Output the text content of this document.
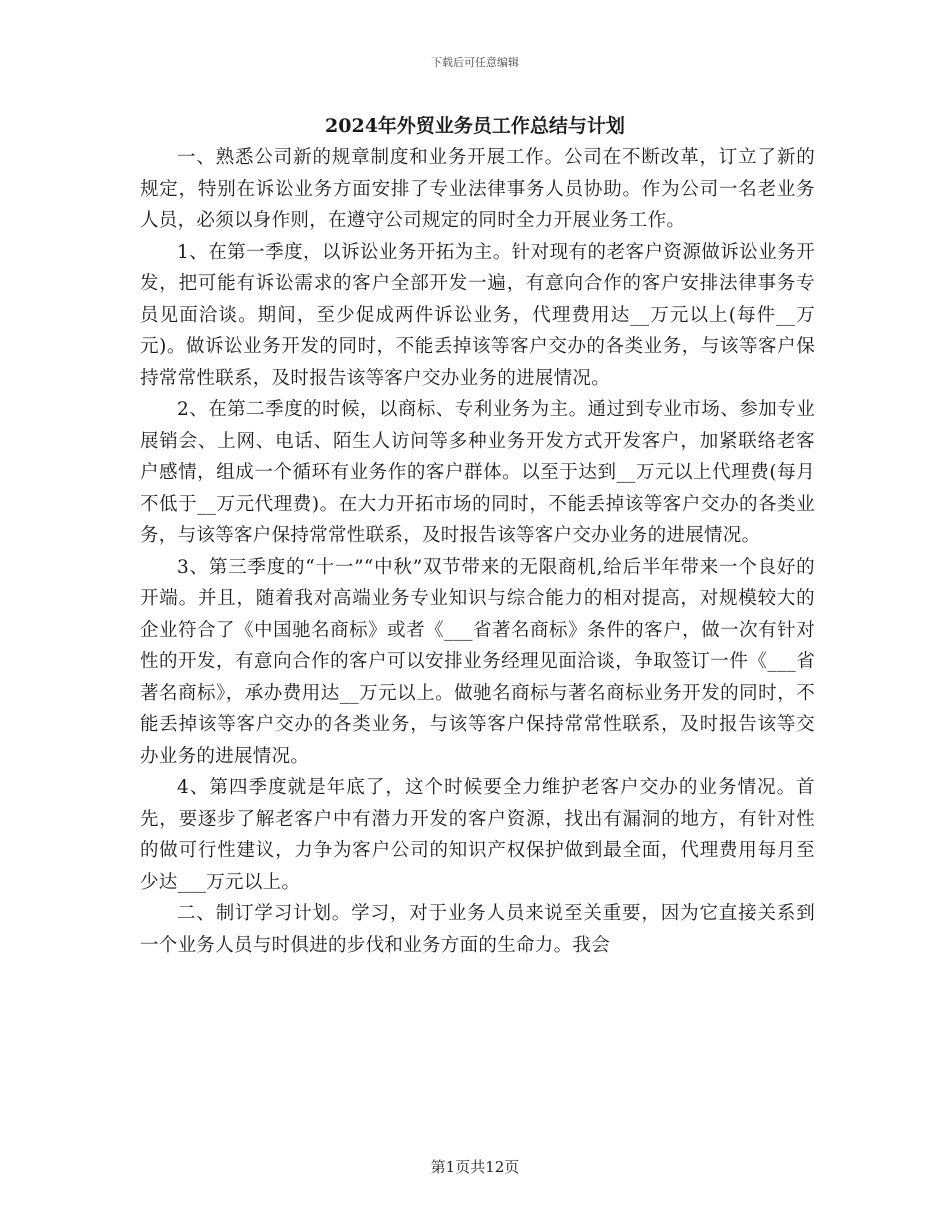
下载后可任意编辑
2024年外贸业务员工作总结与计划

一、熟悉公司新的规章制度和业务开展工作。公司在不断改革，订立了新的规定，特别在诉讼业务方面安排了专业法律事务人员协助。作为公司一名老业务人员，必须以身作则，在遵守公司规定的同时全力开展业务工作。

1、在第一季度，以诉讼业务开拓为主。针对现有的老客户资源做诉讼业务开发，把可能有诉讼需求的客户全部开发一遍，有意向合作的客户安排法律事务专员见面洽谈。期间，至少促成两件诉讼业务，代理费用达__万元以上(每件__万元)。做诉讼业务开发的同时，不能丢掉该等客户交办的各类业务，与该等客户保持常常性联系，及时报告该等客户交办业务的进展情况。

2、在第二季度的时候，以商标、专利业务为主。通过到专业市场、参加专业展销会、上网、电话、陌生人访问等多种业务开发方式开发客户，加紧联络老客户感情，组成一个循环有业务作的客户群体。以至于达到__万元以上代理费(每月不低于__万元代理费)。在大力开拓市场的同时，不能丢掉该等客户交办的各类业务，与该等客户保持常常性联系，及时报告该等客户交办业务的进展情况。

3、第三季度的“十一”“中秋”双节带来的无限商机,给后半年带来一个良好的开端。并且，随着我对高端业务专业知识与综合能力的相对提高，对规模较大的企业符合了《中国驰名商标》或者《___省著名商标》条件的客户，做一次有针对性的开发，有意向合作的客户可以安排业务经理见面洽谈，争取签订一件《___省著名商标》，承办费用达__万元以上。做驰名商标与著名商标业务开发的同时，不能丢掉该等客户交办的各类业务，与该等客户保持常常性联系，及时报告该等交办业务的进展情况。

4、第四季度就是年底了，这个时候要全力维护老客户交办的业务情况。首先，要逐步了解老客户中有潜力开发的客户资源，找出有漏洞的地方，有针对性的做可行性建议，力争为客户公司的知识产权保护做到最全面，代理费用每月至少达___万元以上。

二、制订学习计划。学习，对于业务人员来说至关重要，因为它直接关系到一个业务人员与时俱进的步伐和业务方面的生命力。我会

第1页共12页
